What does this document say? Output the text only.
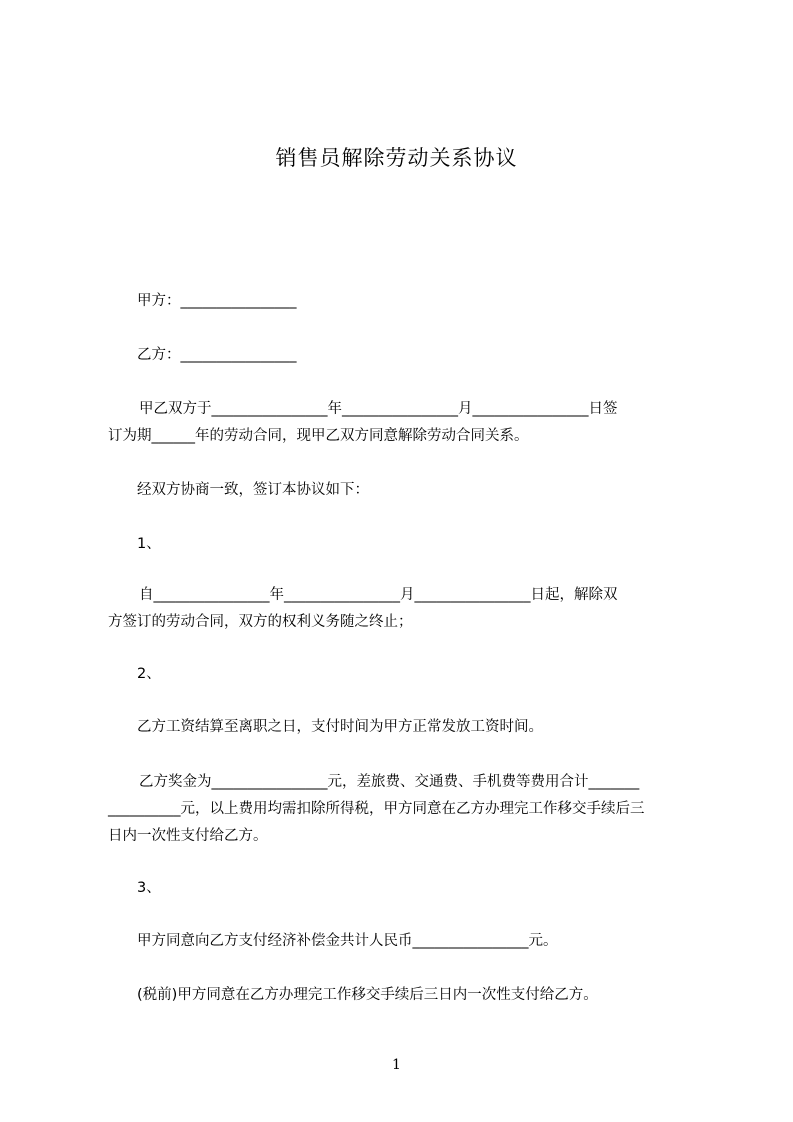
销售员解除劳动关系协议
甲方：________________
乙方：________________
甲乙双方于________________年________________月________________日签
订为期______年的劳动合同，现甲乙双方同意解除劳动合同关系。
经双方协商一致，签订本协议如下：
1、
自________________年________________月________________日起，解除双
方签订的劳动合同，双方的权利义务随之终止；
2、
乙方工资结算至离职之日，支付时间为甲方正常发放工资时间。
乙方奖金为________________元，差旅费、交通费、手机费等费用合计_______
__________元，以上费用均需扣除所得税，甲方同意在乙方办理完工作移交手续后三
日内一次性支付给乙方。
3、
甲方同意向乙方支付经济补偿金共计人民币________________元。
(税前)甲方同意在乙方办理完工作移交手续后三日内一次性支付给乙方。
1
